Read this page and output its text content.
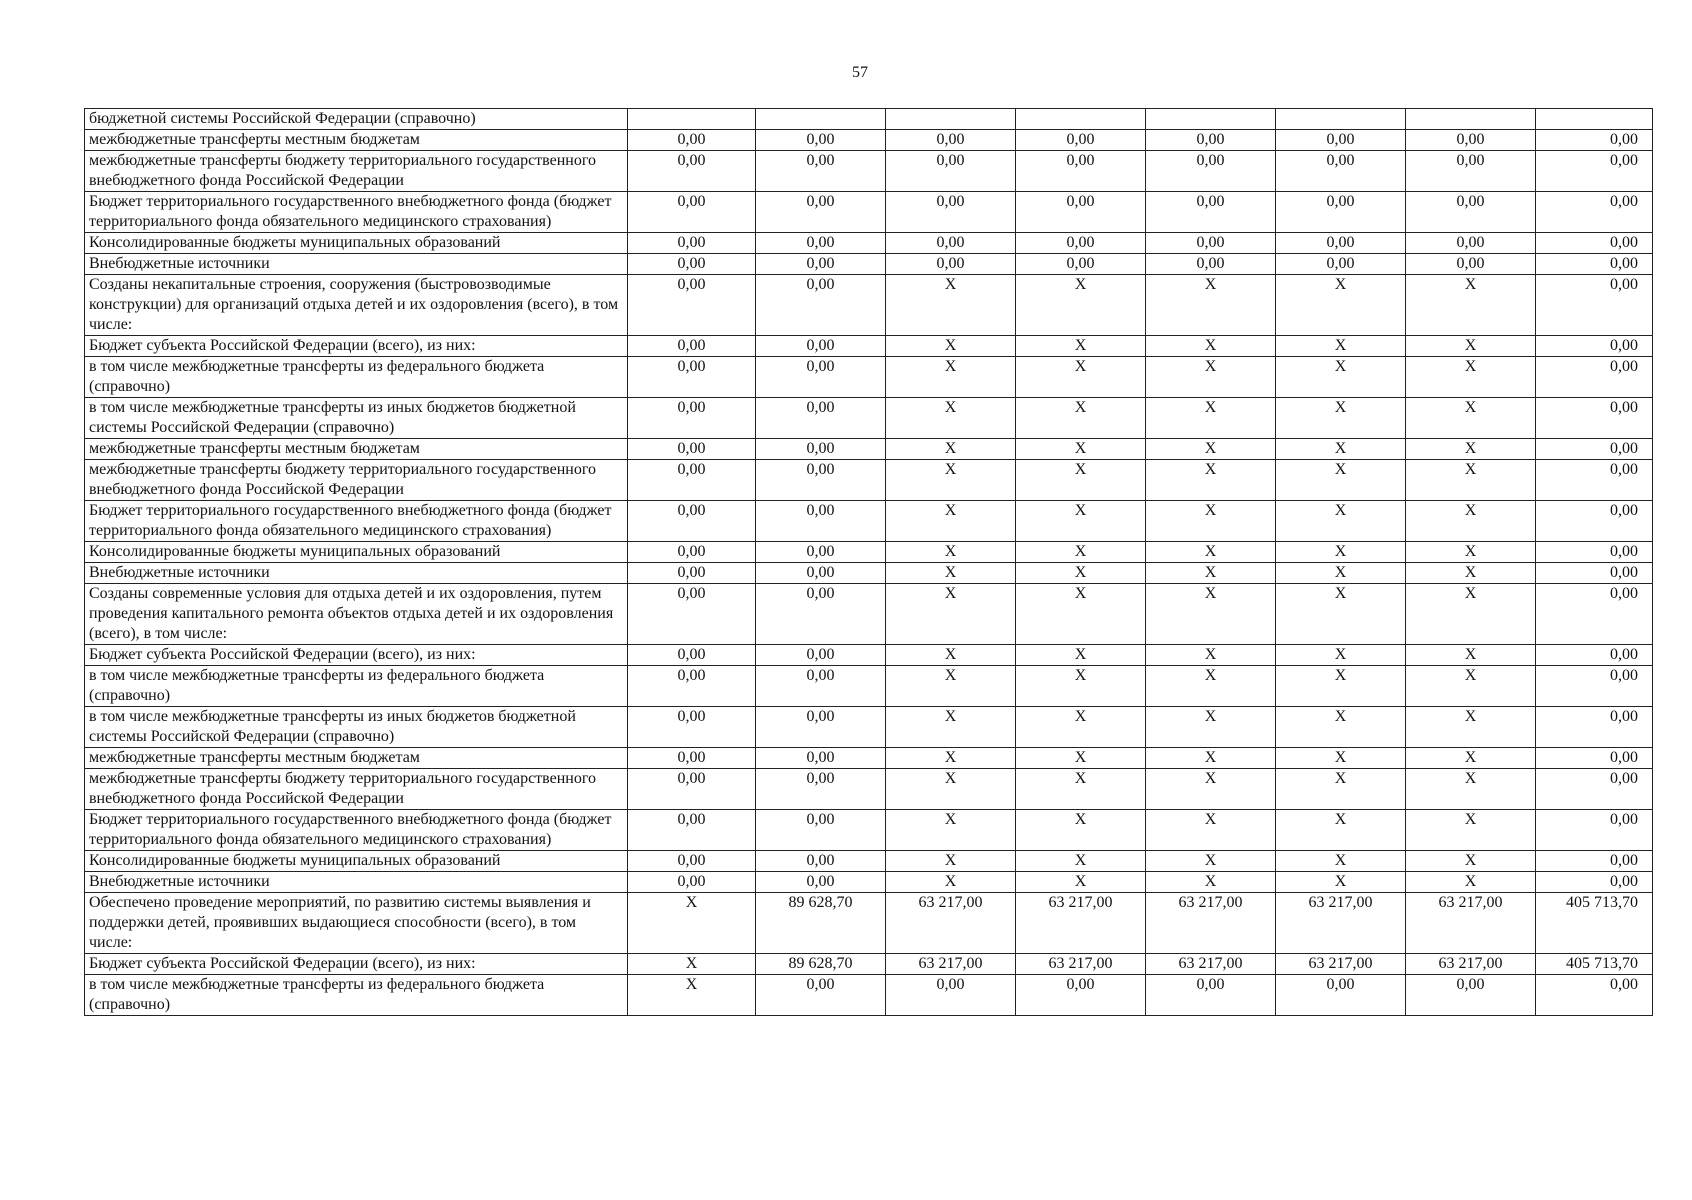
57
бюджетной системы Российской Федерации (справочно)								
межбюджетные трансферты местным бюджетам	0,00	0,00	0,00	0,00	0,00	0,00	0,00	0,00
межбюджетные трансферты бюджету территориального государственного внебюджетного фонда Российской Федерации	0,00	0,00	0,00	0,00	0,00	0,00	0,00	0,00
Бюджет территориального государственного внебюджетного фонда (бюджет территориального фонда обязательного медицинского страхования)	0,00	0,00	0,00	0,00	0,00	0,00	0,00	0,00
Консолидированные бюджеты муниципальных образований	0,00	0,00	0,00	0,00	0,00	0,00	0,00	0,00
Внебюджетные источники	0,00	0,00	0,00	0,00	0,00	0,00	0,00	0,00
Созданы некапитальные строения, сооружения (быстровозводимые конструкции) для организаций отдыха детей и их оздоровления (всего), в том числе:	0,00	0,00	X	X	X	X	X	0,00
Бюджет субъекта Российской Федерации (всего), из них:	0,00	0,00	X	X	X	X	X	0,00
в том числе межбюджетные трансферты из федерального бюджета (справочно)	0,00	0,00	X	X	X	X	X	0,00
в том числе межбюджетные трансферты из иных бюджетов бюджетной системы Российской Федерации (справочно)	0,00	0,00	X	X	X	X	X	0,00
межбюджетные трансферты местным бюджетам	0,00	0,00	X	X	X	X	X	0,00
межбюджетные трансферты бюджету территориального государственного внебюджетного фонда Российской Федерации	0,00	0,00	X	X	X	X	X	0,00
Бюджет территориального государственного внебюджетного фонда (бюджет территориального фонда обязательного медицинского страхования)	0,00	0,00	X	X	X	X	X	0,00
Консолидированные бюджеты муниципальных образований	0,00	0,00	X	X	X	X	X	0,00
Внебюджетные источники	0,00	0,00	X	X	X	X	X	0,00
Созданы современные условия для отдыха детей и их оздоровления, путем проведения капитального ремонта объектов отдыха детей и их оздоровления (всего), в том числе:	0,00	0,00	X	X	X	X	X	0,00
Бюджет субъекта Российской Федерации (всего), из них:	0,00	0,00	X	X	X	X	X	0,00
в том числе межбюджетные трансферты из федерального бюджета (справочно)	0,00	0,00	X	X	X	X	X	0,00
в том числе межбюджетные трансферты из иных бюджетов бюджетной системы Российской Федерации (справочно)	0,00	0,00	X	X	X	X	X	0,00
межбюджетные трансферты местным бюджетам	0,00	0,00	X	X	X	X	X	0,00
межбюджетные трансферты бюджету территориального государственного внебюджетного фонда Российской Федерации	0,00	0,00	X	X	X	X	X	0,00
Бюджет территориального государственного внебюджетного фонда (бюджет территориального фонда обязательного медицинского страхования)	0,00	0,00	X	X	X	X	X	0,00
Консолидированные бюджеты муниципальных образований	0,00	0,00	X	X	X	X	X	0,00
Внебюджетные источники	0,00	0,00	X	X	X	X	X	0,00
Обеспечено проведение мероприятий, по развитию системы выявления и поддержки детей, проявивших выдающиеся способности (всего), в том числе:	X	89 628,70	63 217,00	63 217,00	63 217,00	63 217,00	63 217,00	405 713,70
Бюджет субъекта Российской Федерации (всего), из них:	X	89 628,70	63 217,00	63 217,00	63 217,00	63 217,00	63 217,00	405 713,70
в том числе межбюджетные трансферты из федерального бюджета (справочно)	X	0,00	0,00	0,00	0,00	0,00	0,00	0,00
